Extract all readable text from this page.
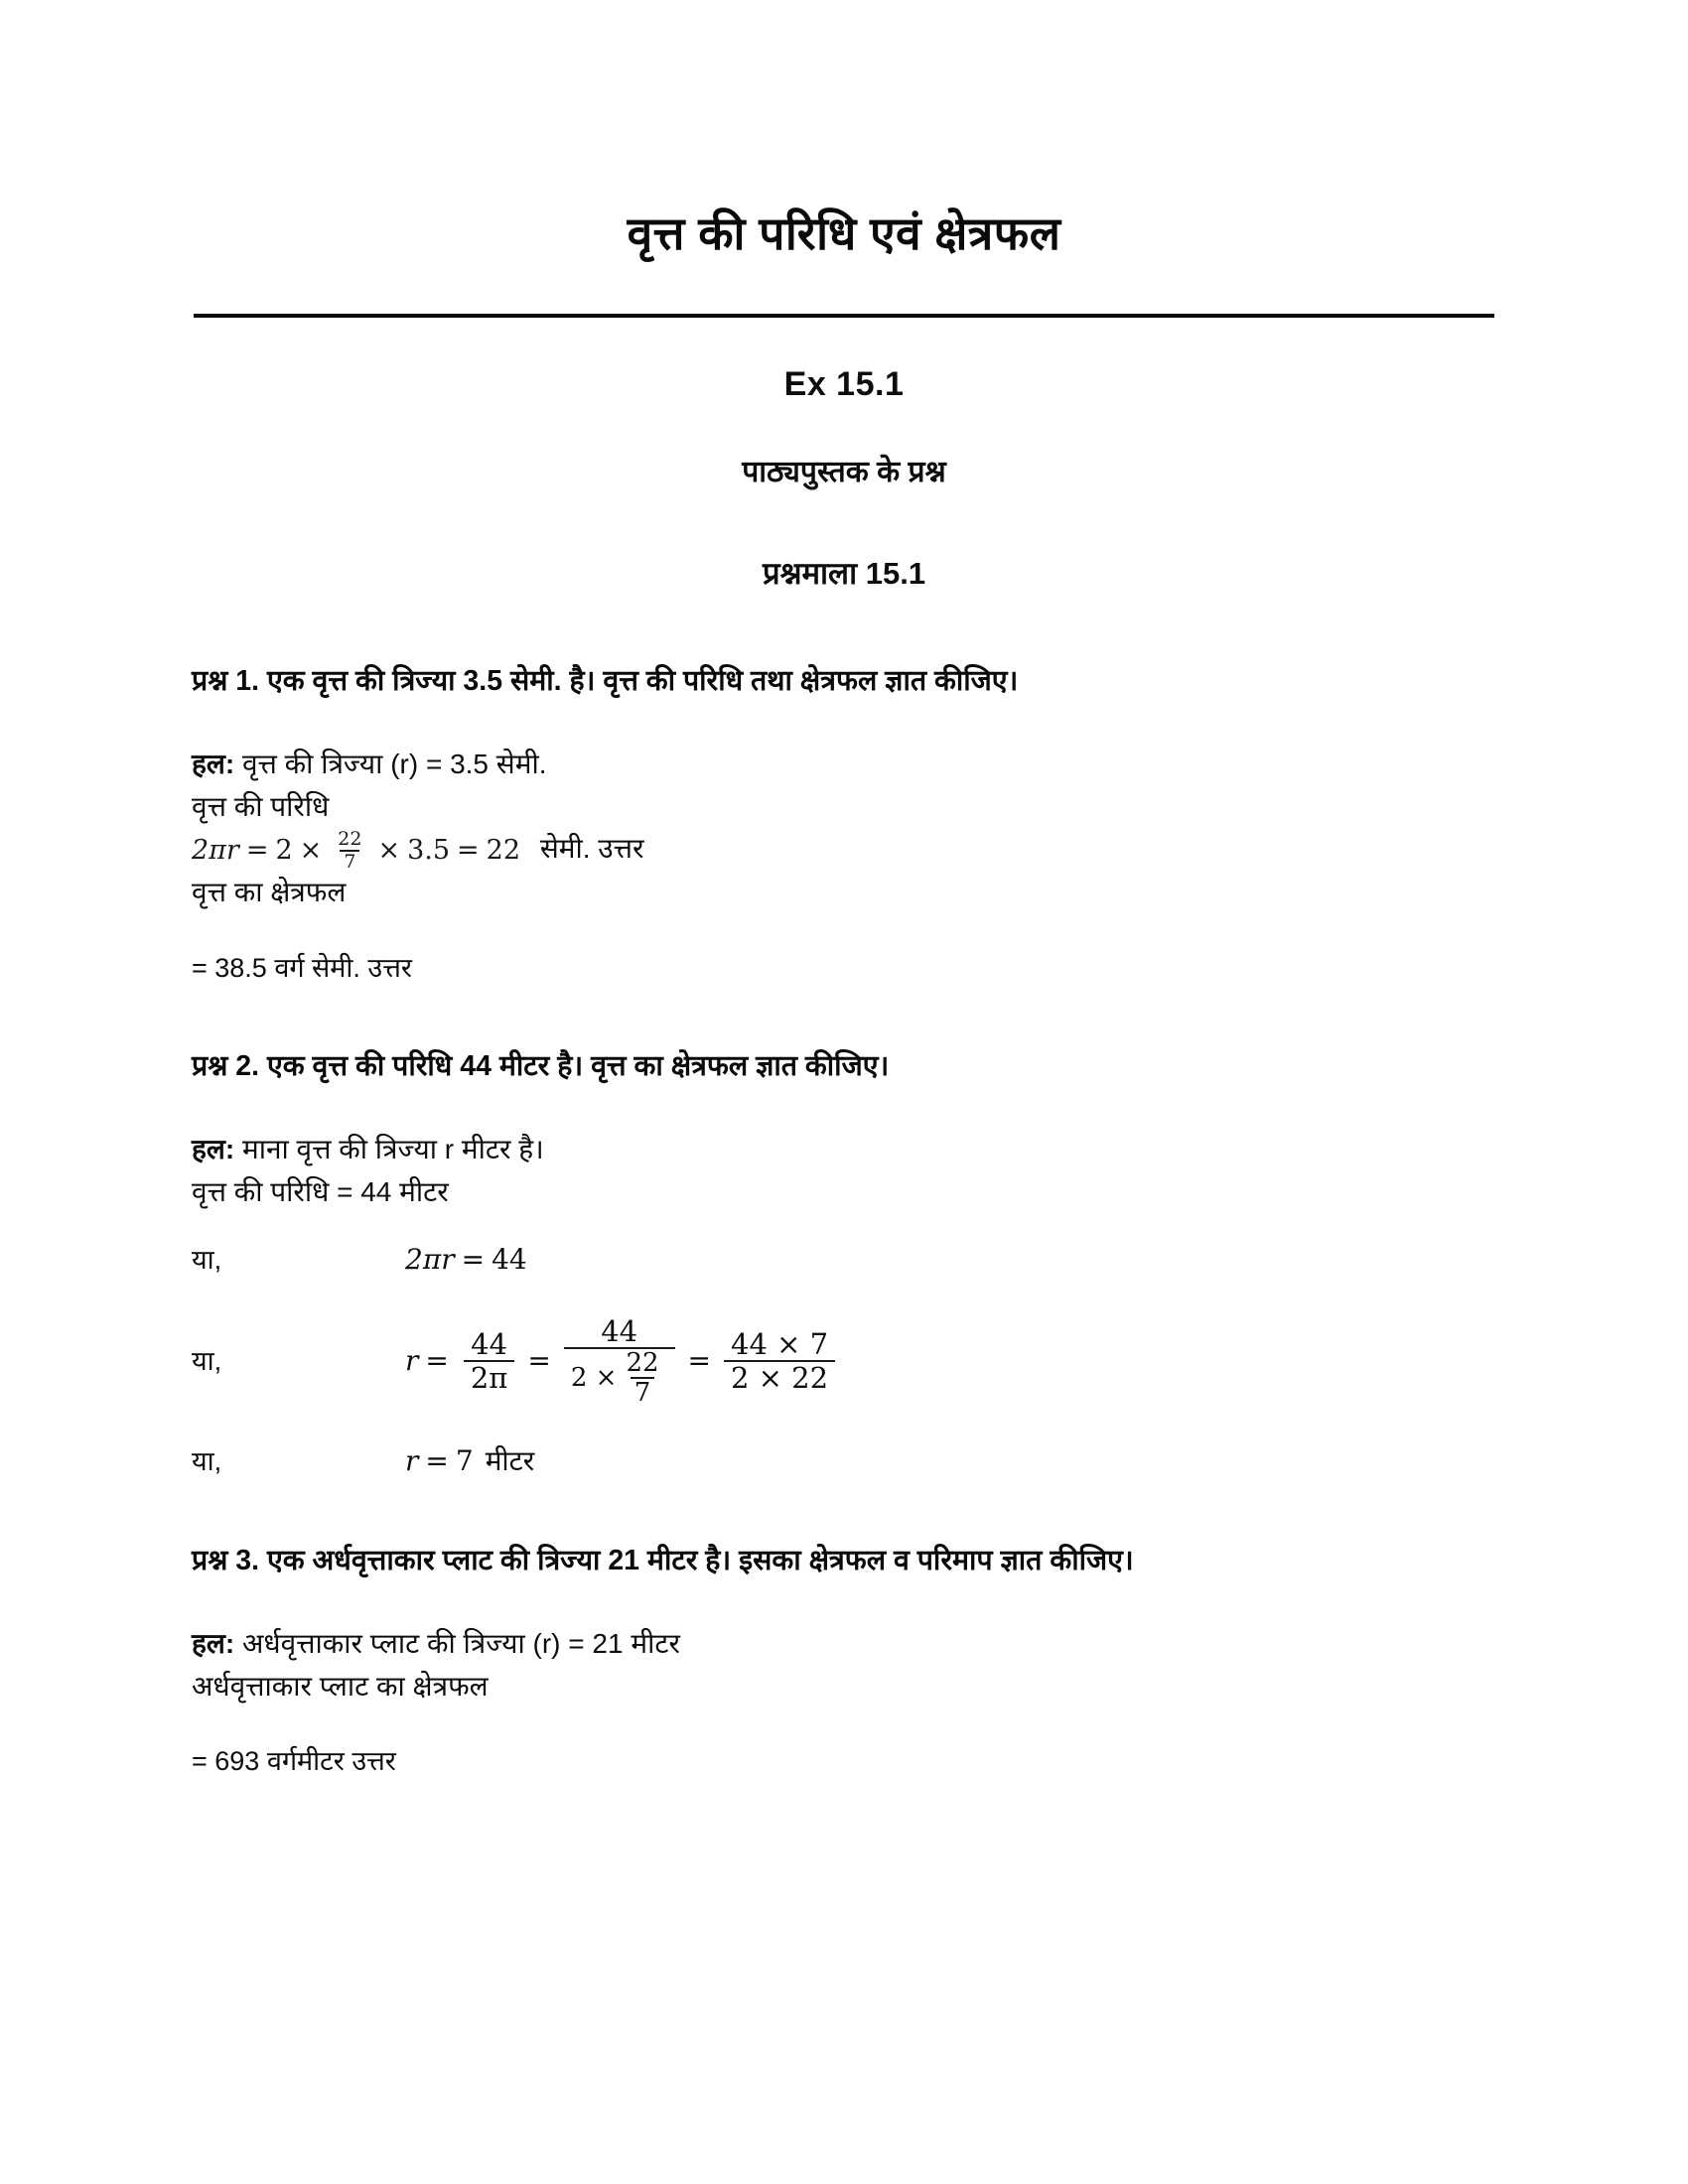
वृत्त की परिधि एवं क्षेत्रफल
Ex 15.1
पाठ्यपुस्तक के प्रश्न
प्रश्नमाला 15.1
प्रश्न 1. एक वृत्त की त्रिज्या 3.5 सेमी. है। वृत्त की परिधि तथा क्षेत्रफल ज्ञात कीजिए।
हल: वृत्त की त्रिज्या (r) = 3.5 सेमी.
वृत्त की परिधि
$2\pi r = 2 \times \frac{22}{7} \times 3.5 = 22$ सेमी. उत्तर
वृत्त का क्षेत्रफल
= 38.5 वर्ग सेमी. उत्तर
प्रश्न 2. एक वृत्त की परिधि 44 मीटर है। वृत्त का क्षेत्रफल ज्ञात कीजिए।
हल: माना वृत्त की त्रिज्या r मीटर है।
वृत्त की परिधि = 44 मीटर
या,	2πr = 44
या,	$r = \frac{44}{2\pi}$ =
44
$2 \times \frac{22}{7} = \frac{44 \times 7}{2 \times 22}$
या,	r = 7 मीटर
प्रश्न 3. एक अर्धवृत्ताकार प्लाट की त्रिज्या 21 मीटर है। इसका क्षेत्रफल व परिमाप ज्ञात कीजिए।
हल: अर्धवृत्ताकार प्लाट की त्रिज्या (r) = 21 मीटर
अर्धवृत्ताकार प्लाट का क्षेत्रफल
= 693 वर्गमीटर उत्तर
